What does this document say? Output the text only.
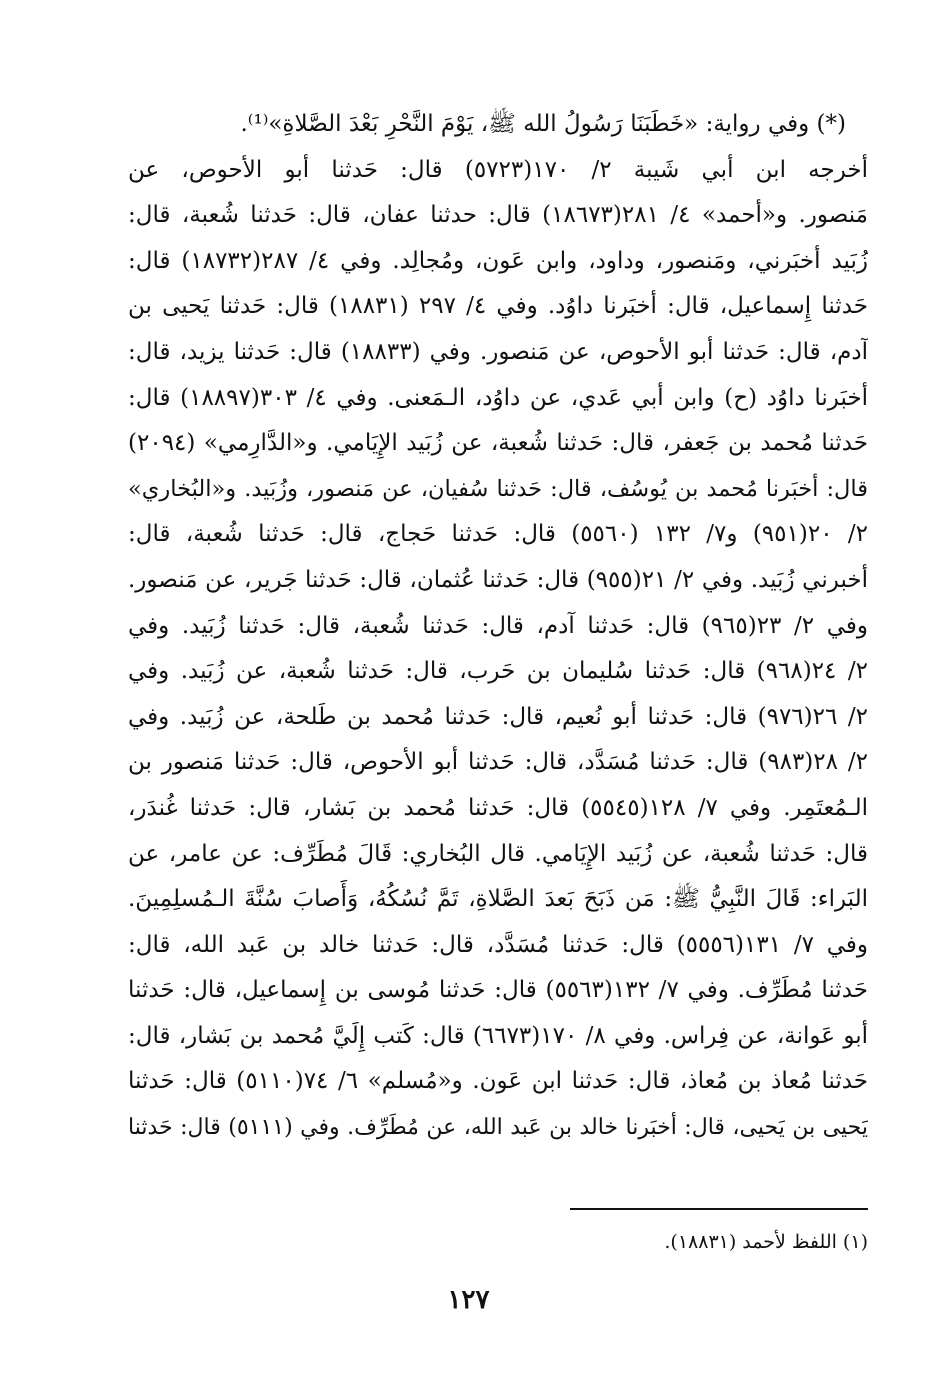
(*) وفي رواية: «خَطَبَنَا رَسُولُ الله ﷺ، يَوْمَ النَّحْرِ بَعْدَ الصَّلاةِ»⁽¹⁾.
أخرجه ابن أبي شَيبة ٢/ ١٧٠(٥٧٢٣) قال: حَدثنا أبو الأحوص، عن
مَنصور. و«أحمد» ٤/ ٢٨١(١٨٦٧٣) قال: حدثنا عفان، قال: حَدثنا شُعبة، قال:
زُبَيد أخبَرني، ومَنصور، وداود، وابن عَون، ومُجالِد. وفي ٤/ ٢٨٧(١٨٧٣٢) قال:
حَدثنا إِسماعيل، قال: أخبَرنا داوُد. وفي ٤/ ٢٩٧ (١٨٨٣١) قال: حَدثنا يَحيى بن
آدم، قال: حَدثنا أبو الأحوص، عن مَنصور. وفي (١٨٨٣٣) قال: حَدثنا يزيد، قال:
أخبَرنا داوُد (ح) وابن أبي عَدي، عن داوُد، الـمَعنى. وفي ٤/ ٣٠٣(١٨٨٩٧) قال:
حَدثنا مُحمد بن جَعفر، قال: حَدثنا شُعبة، عن زُبَيد الإِيَامي. و«الدَّارِمي» (٢٠٩٤)
قال: أخبَرنا مُحمد بن يُوسُف، قال: حَدثنا سُفيان، عن مَنصور، وزُبَيد. و«البُخاري»
٢/ ٢٠(٩٥١) و٧/ ١٣٢ (٥٥٦٠) قال: حَدثنا حَجاج، قال: حَدثنا شُعبة، قال:
أخبرني زُبَيد. وفي ٢/ ٢١(٩٥٥) قال: حَدثنا عُثمان، قال: حَدثنا جَرير، عن مَنصور.
وفي ٢/ ٢٣(٩٦٥) قال: حَدثنا آدم، قال: حَدثنا شُعبة، قال: حَدثنا زُبَيد. وفي
٢/ ٢٤(٩٦٨) قال: حَدثنا سُليمان بن حَرب، قال: حَدثنا شُعبة، عن زُبَيد. وفي
٢/ ٢٦(٩٧٦) قال: حَدثنا أبو نُعيم، قال: حَدثنا مُحمد بن طَلحة، عن زُبَيد. وفي
٢/ ٢٨(٩٨٣) قال: حَدثنا مُسَدَّد، قال: حَدثنا أبو الأحوص، قال: حَدثنا مَنصور بن
الـمُعتَمِر. وفي ٧/ ١٢٨(٥٥٤٥) قال: حَدثنا مُحمد بن بَشار، قال: حَدثنا غُندَر،
قال: حَدثنا شُعبة، عن زُبَيد الإِيَامي. قال البُخاري: قَالَ مُطَرِّف: عن عامر، عن
البَراء: قَالَ النَّبِيُّ ﷺ: مَن ذَبَحَ بَعدَ الصَّلاةِ، تَمَّ نُسُكُهُ، وَأَصابَ سُنَّةَ الـمُسلِمِينَ.
وفي ٧/ ١٣١(٥٥٥٦) قال: حَدثنا مُسَدَّد، قال: حَدثنا خالد بن عَبد الله، قال:
حَدثنا مُطَرِّف. وفي ٧/ ١٣٢(٥٥٦٣) قال: حَدثنا مُوسى بن إِسماعيل، قال: حَدثنا
أبو عَوانة، عن فِراس. وفي ٨/ ١٧٠(٦٦٧٣) قال: كَتب إِلَيَّ مُحمد بن بَشار، قال:
حَدثنا مُعاذ بن مُعاذ، قال: حَدثنا ابن عَون. و«مُسلم» ٦/ ٧٤(٥١١٠) قال: حَدثنا
يَحيى بن يَحيى، قال: أخبَرنا خالد بن عَبد الله، عن مُطَرِّف. وفي (٥١١١) قال: حَدثنا
(١) اللفظ لأحمد (١٨٨٣١).
١٢٧
